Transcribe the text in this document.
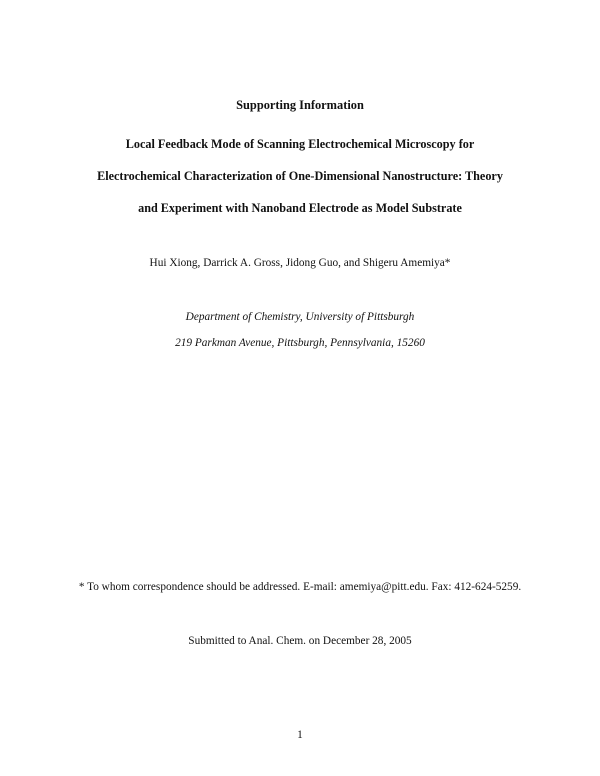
Supporting Information
Local Feedback Mode of Scanning Electrochemical Microscopy for
Electrochemical Characterization of One-Dimensional Nanostructure: Theory
and Experiment with Nanoband Electrode as Model Substrate
Hui Xiong, Darrick A. Gross, Jidong Guo, and Shigeru Amemiya*
Department of Chemistry, University of Pittsburgh
219 Parkman Avenue, Pittsburgh, Pennsylvania, 15260
* To whom correspondence should be addressed. E-mail: amemiya@pitt.edu. Fax: 412-624-5259.
Submitted to Anal. Chem. on December 28, 2005
1
